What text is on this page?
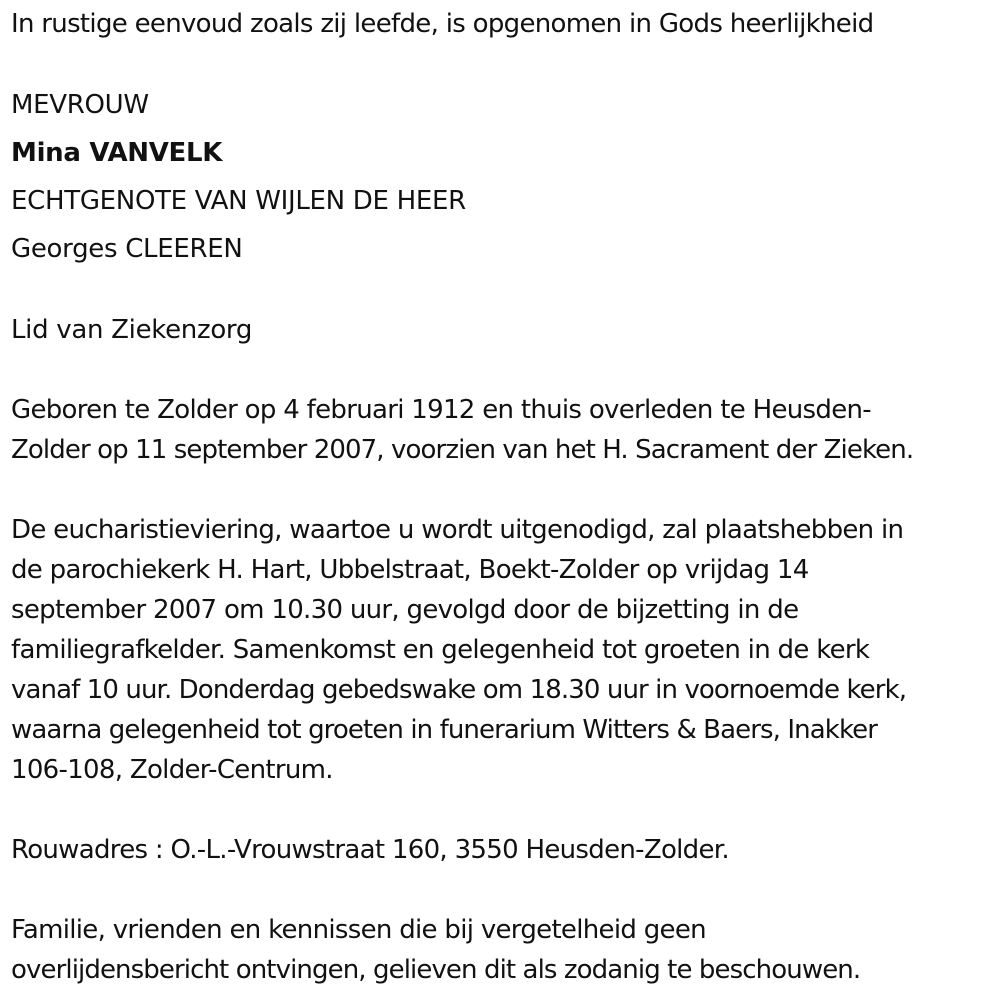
In rustige eenvoud zoals zij leefde, is opgenomen in Gods heerlijkheid
MEVROUW
Mina VANVELK
ECHTGENOTE VAN WIJLEN DE HEER
Georges CLEEREN
Lid van Ziekenzorg
Geboren te Zolder op 4 februari 1912 en thuis overleden te Heusden-
Zolder op 11 september 2007, voorzien van het H. Sacrament der Zieken.
De eucharistieviering, waartoe u wordt uitgenodigd, zal plaatshebben in
de parochiekerk H. Hart, Ubbelstraat, Boekt-Zolder op vrijdag 14
september 2007 om 10.30 uur, gevolgd door de bijzetting in de
familiegrafkelder. Samenkomst en gelegenheid tot groeten in de kerk
vanaf 10 uur. Donderdag gebedswake om 18.30 uur in voornoemde kerk,
waarna gelegenheid tot groeten in funerarium Witters & Baers, Inakker
106-108, Zolder-Centrum.
Rouwadres : O.-L.-Vrouwstraat 160, 3550 Heusden-Zolder.
Familie, vrienden en kennissen die bij vergetelheid geen
overlijdensbericht ontvingen, gelieven dit als zodanig te beschouwen.
